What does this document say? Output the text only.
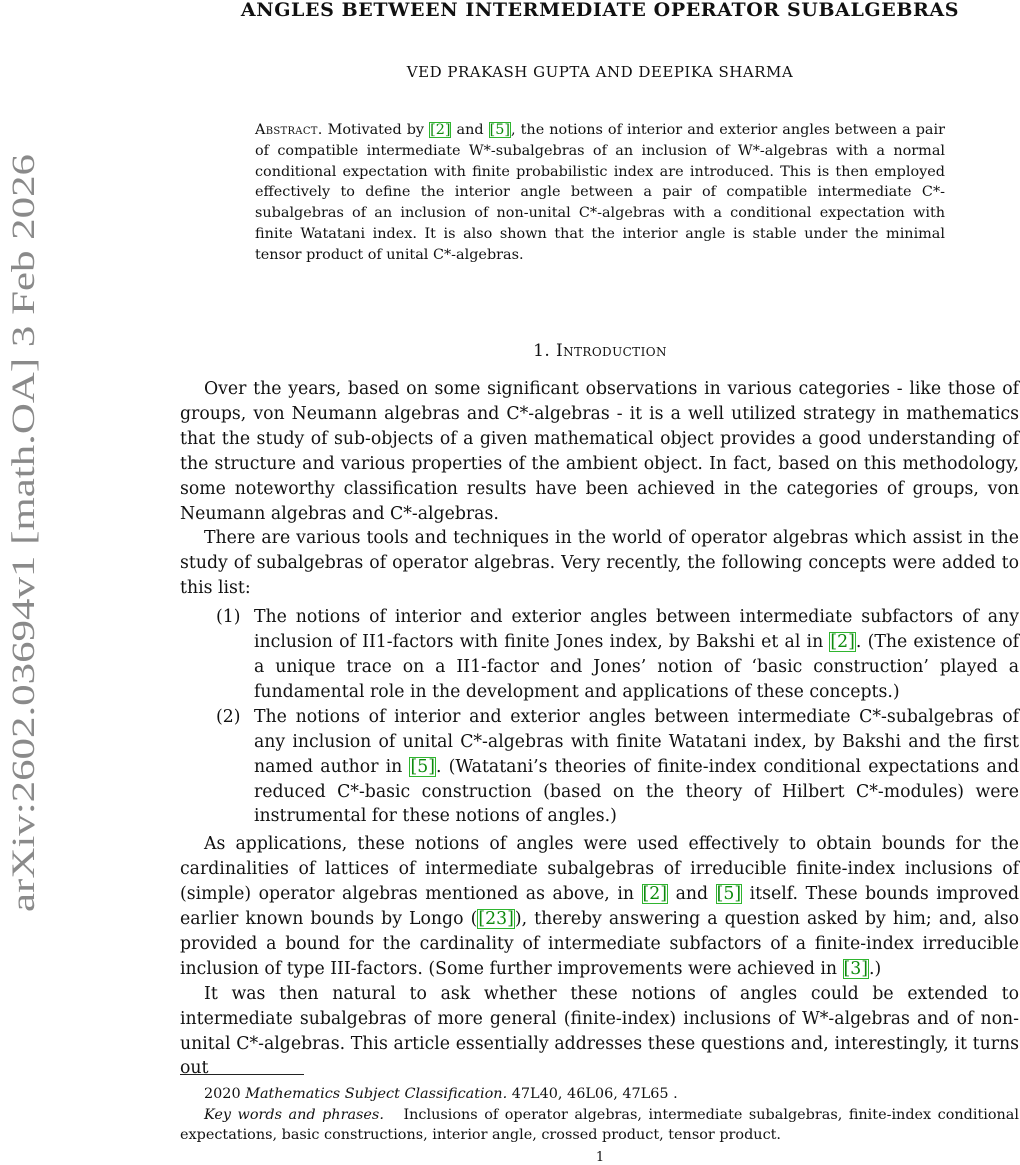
arXiv:2602.03694v1 [math.OA] 3 Feb 2026
ANGLES BETWEEN INTERMEDIATE OPERATOR SUBALGEBRAS
VED PRAKASH GUPTA AND DEEPIKA SHARMA
Abstract. Motivated by [2] and [5], the notions of interior and exterior angles between a pair of compatible intermediate W*-subalgebras of an inclusion of W*-algebras with a normal conditional expectation with finite probabilistic index are introduced. This is then employed effectively to define the interior angle between a pair of compatible intermediate C*-subalgebras of an inclusion of non-unital C*-algebras with a conditional expectation with finite Watatani index. It is also shown that the interior angle is stable under the minimal tensor product of unital C*-algebras.
1. Introduction

Over the years, based on some significant observations in various categories - like those of groups, von Neumann algebras and C*-algebras - it is a well utilized strategy in mathematics that the study of sub-objects of a given mathematical object provides a good understanding of the structure and various properties of the ambient object. In fact, based on this methodology, some noteworthy classification results have been achieved in the categories of groups, von Neumann algebras and C*-algebras.

There are various tools and techniques in the world of operator algebras which assist in the study of subalgebras of operator algebras. Very recently, the following concepts were added to this list:

(1) The notions of interior and exterior angles between intermediate subfactors of any inclusion of II1-factors with finite Jones index, by Bakshi et al in [2]. (The existence of a unique trace on a II1-factor and Jones’ notion of ‘basic construction’ played a fundamental role in the development and applications of these concepts.)
(2) The notions of interior and exterior angles between intermediate C*-subalgebras of any inclusion of unital C*-algebras with finite Watatani index, by Bakshi and the first named author in [5]. (Watatani’s theories of finite-index conditional expectations and reduced C*-basic construction (based on the theory of Hilbert C*-modules) were instrumental for these notions of angles.)

As applications, these notions of angles were used effectively to obtain bounds for the cardinalities of lattices of intermediate subalgebras of irreducible finite-index inclusions of (simple) operator algebras mentioned as above, in [2] and [5] itself. These bounds improved earlier known bounds by Longo ([23]), thereby answering a question asked by him; and, also provided a bound for the cardinality of intermediate subfactors of a finite-index irreducible inclusion of type III-factors. (Some further improvements were achieved in [3].)

It was then natural to ask whether these notions of angles could be extended to intermediate subalgebras of more general (finite-index) inclusions of W*-algebras and of non-unital C*-algebras. This article essentially addresses these questions and, interestingly, it turns out

2020 Mathematics Subject Classification. 47L40, 46L06, 47L65 .
Key words and phrases. Inclusions of operator algebras, intermediate subalgebras, finite-index conditional expectations, basic constructions, interior angle, crossed product, tensor product.
1
